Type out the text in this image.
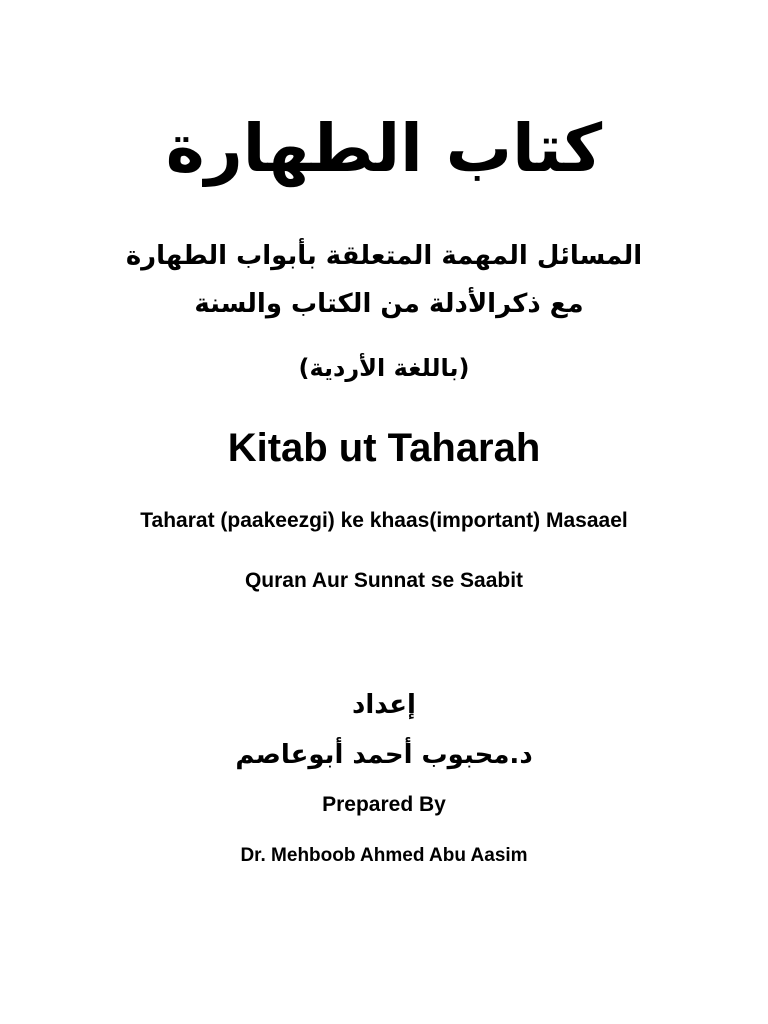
كتاب الطهارة

المسائل المهمة المتعلقة بأبواب الطهارة

مع ذكرالأدلة من الكتاب والسنة

(باللغة الأردية)

Kitab ut Taharah

Taharat (paakeezgi) ke khaas(important) Masaael

Quran Aur Sunnat se Saabit

إعداد

د.محبوب أحمد أبوعاصم

Prepared By

Dr. Mehboob Ahmed Abu Aasim
